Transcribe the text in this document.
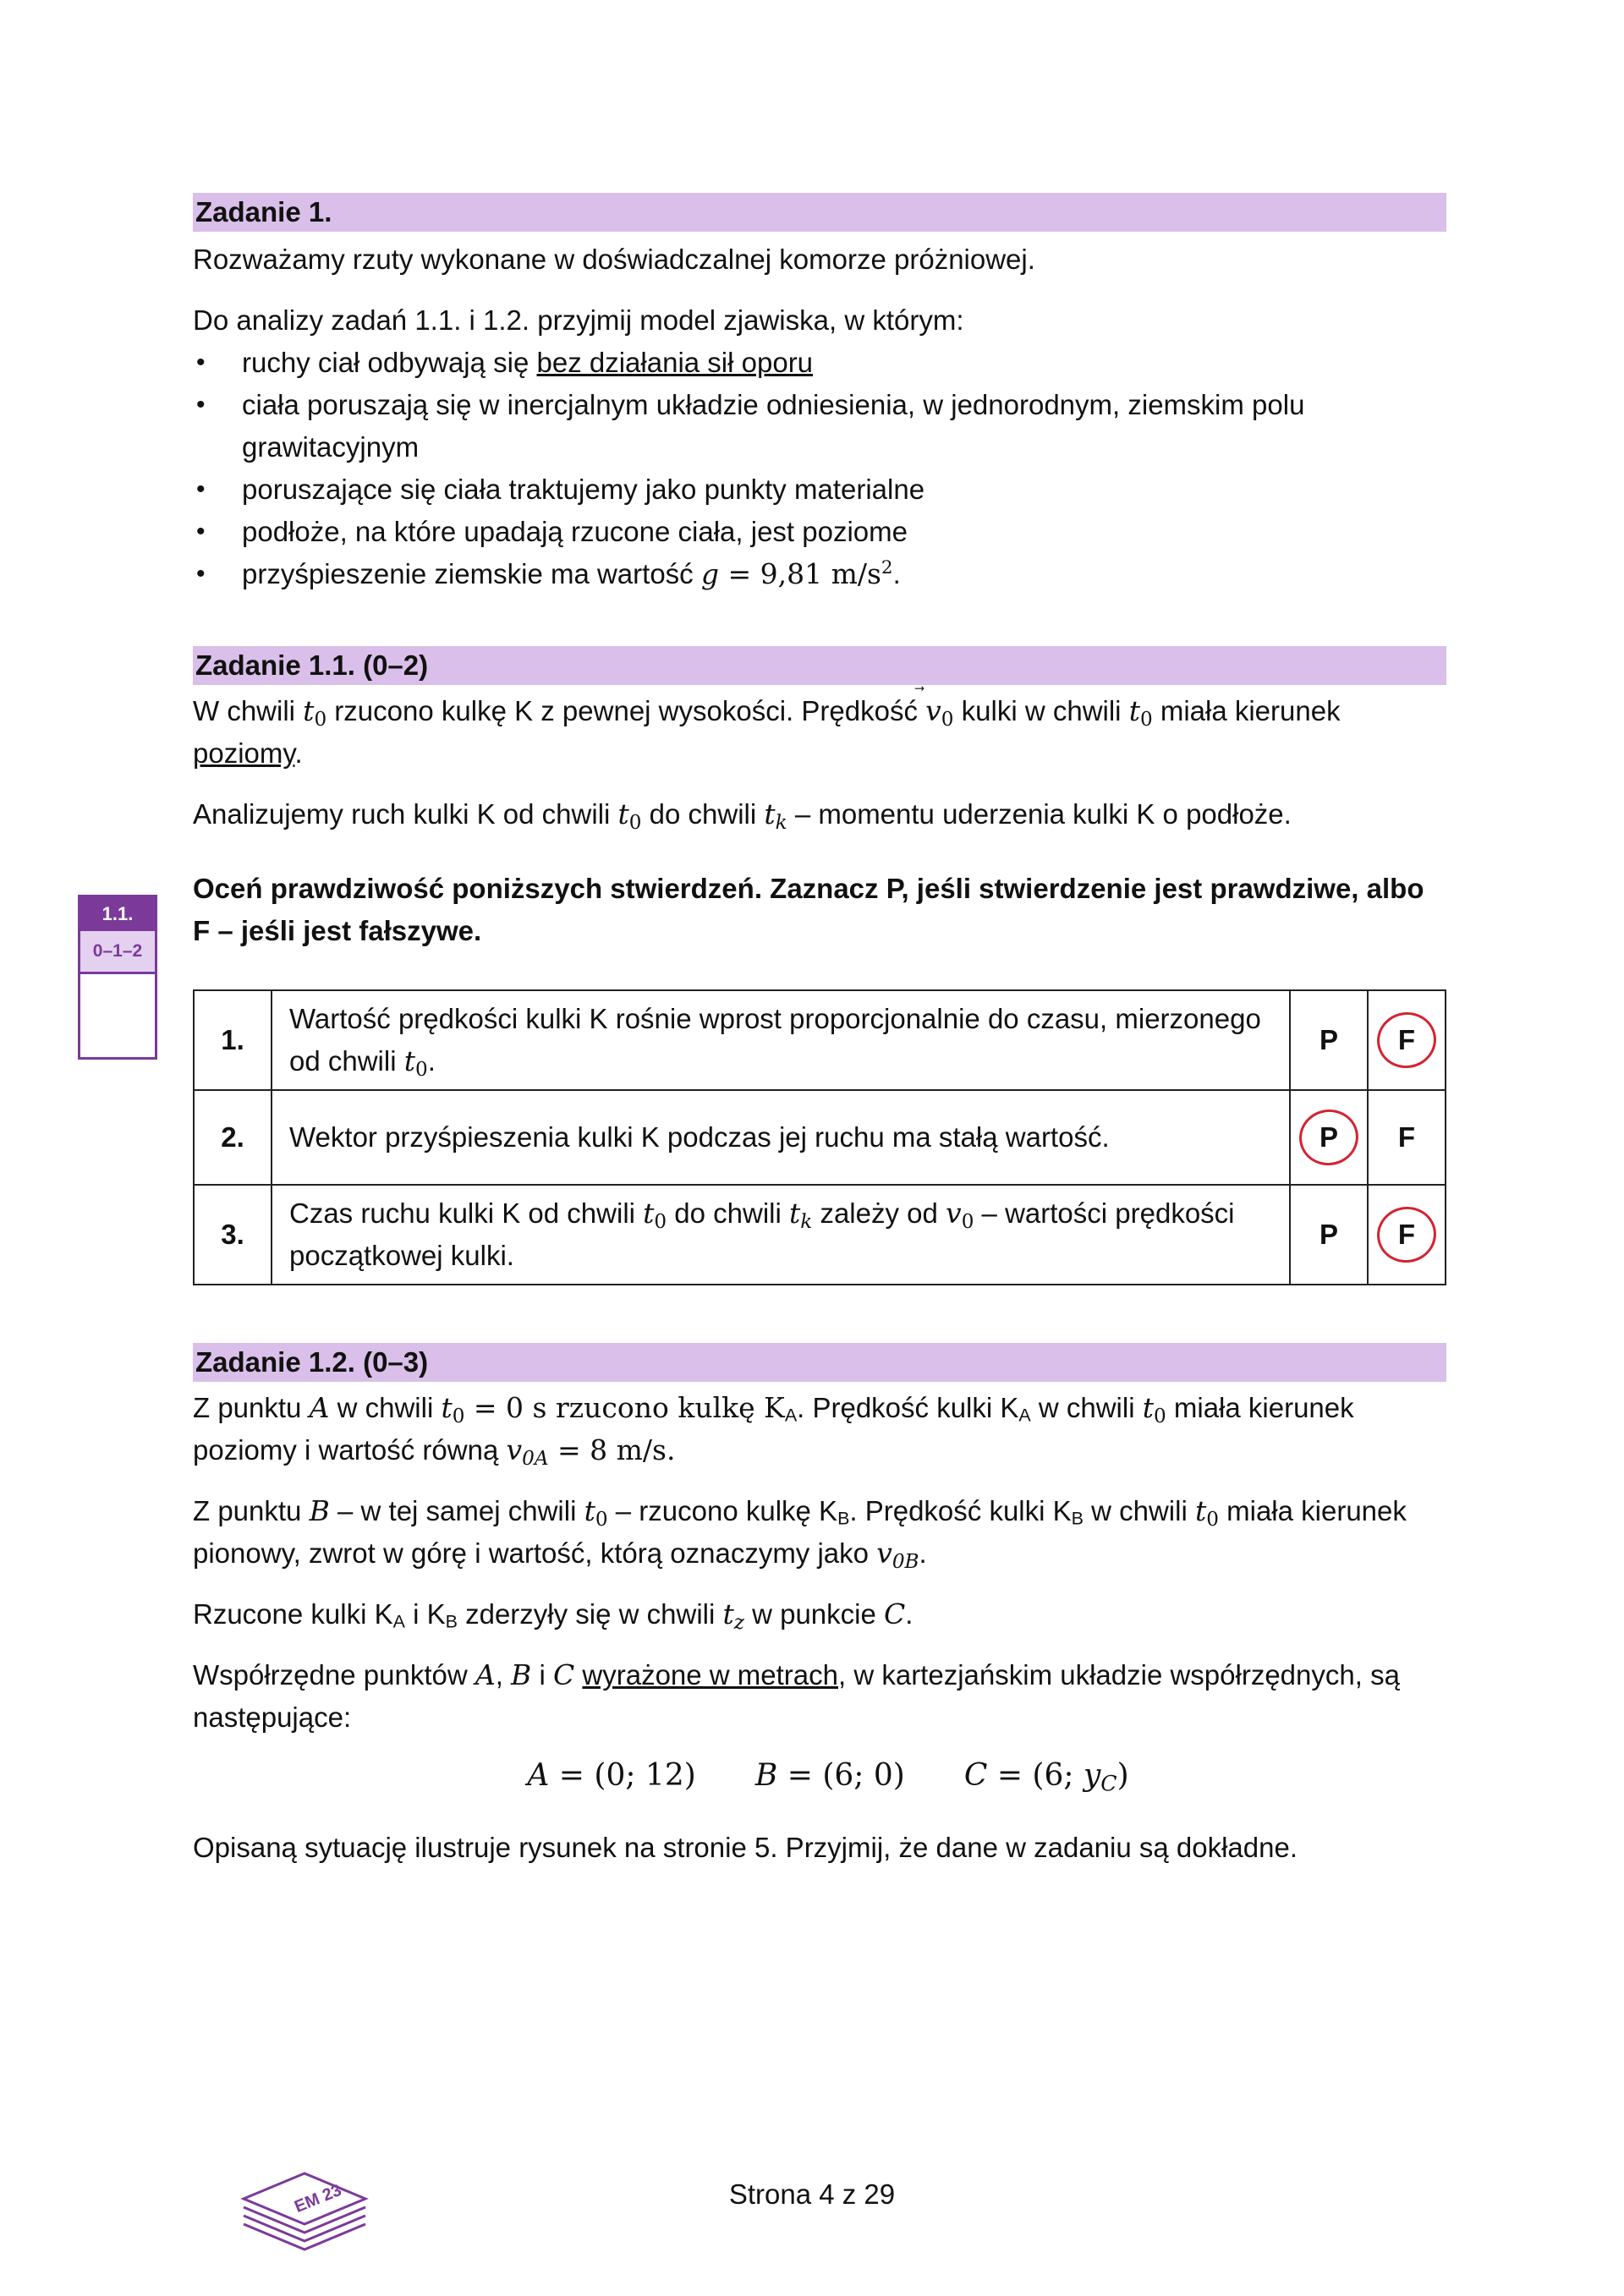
Zadanie 1.

Rozważamy rzuty wykonane w doświadczalnej komorze próżniowej.

Do analizy zadań 1.1. i 1.2. przyjmij model zjawiska, w którym:

• ruchy ciał odbywają się bez działania sił oporu
• ciała poruszają się w inercjalnym układzie odniesienia, w jednorodnym, ziemskim polu grawitacyjnym
• poruszające się ciała traktujemy jako punkty materialne
• podłoże, na które upadają rzucone ciała, jest poziome
• przyśpieszenie ziemskie ma wartość g = 9,81 $m/s^2$.
Zadanie 1.1. (0–2)

W chwili $t_0$ rzucono kulkę K z pewnej wysokości. Prędkość v
$_0$ kulki w chwili $t_0$ miała kierunek poziomy.

Analizujemy ruch kulki K od chwili $t_0$ do chwili $t_k$ – momentu uderzenia kulki K o podłoże.

Oceń prawdziwość poniższych stwierdzeń. Zaznacz P, jeśli stwierdzenie jest prawdziwe, albo F – jeśli jest fałszywe.

1.	Wartość prędkości kulki K rośnie wprost proporcjonalnie do czasu, mierzonego od chwili $t_0$.	P	F

2.	Wektor przyśpieszenia kulki K podczas jej ruchu ma stałą wartość.	P	F
3.	Czas ruchu kulki K od chwili $t_0$ do chwili $t_k$ zależy od $v_0$ – wartości prędkości początkowej kulki.	P	F
Zadanie 1.2. (0–3)

Z punktu A w chwili $t_0 = 0$ s rzucono kulkę $K_A$. Prędkość kulki $K_A$ w chwili $t_0$ miała kierunek poziomy i wartość równą $v_{0A} = 8$ m/s.

Z punktu B – w tej samej chwili $t_0$ – rzucono kulkę $K_B$. Prędkość kulki $K_B$ w chwili $t_0$ miała kierunek pionowy, zwrot w górę i wartość, którą oznaczymy jako $v_{0B}$.

Rzucone kulki $K_A$ i $K_B$ zderzyły się w chwili $t_z$ w punkcie C.

Współrzędne punktów A, B i C wyrażone w metrach, w kartezjańskim układzie współrzędnych, są następujące:

A = (0; 12) B = (6; 0) C = (6; $y_C$)

Opisaną sytuację ilustruje rysunek na stronie 5. Przyjmij, że dane w zadaniu są dokładne.

1.1.
0–1–2
EM 23	Strona 4 z 29
